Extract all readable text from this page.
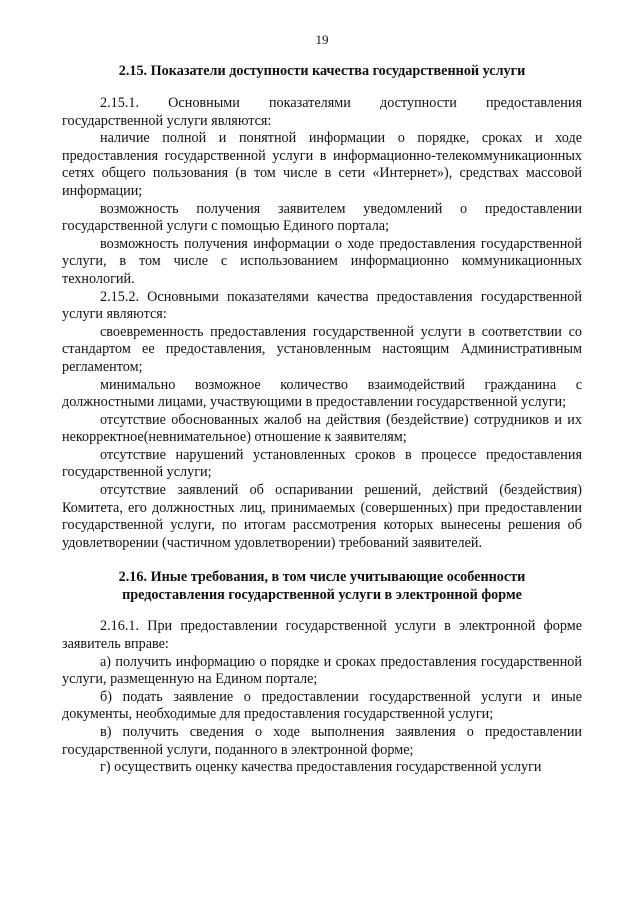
19
2.15. Показатели доступности качества государственной услуги

2.15.1. Основными показателями доступности предоставления государственной услуги являются:

наличие полной и понятной информации о порядке, сроках и ходе предоставления государственной услуги в информационно-телекоммуникационных сетях общего пользования (в том числе в сети «Интернет»), средствах массовой информации;

возможность получения заявителем уведомлений о предоставлении государственной услуги с помощью Единого портала;

возможность получения информации о ходе предоставления государственной услуги, в том числе с использованием информационно коммуникационных технологий.

2.15.2. Основными показателями качества предоставления государственной услуги являются:

своевременность предоставления государственной услуги в соответствии со стандартом ее предоставления, установленным настоящим Административным регламентом;

минимально возможное количество взаимодействий гражданина с должностными лицами, участвующими в предоставлении государственной услуги;

отсутствие обоснованных жалоб на действия (бездействие) сотрудников и их некорректное(невнимательное) отношение к заявителям;

отсутствие нарушений установленных сроков в процессе предоставления государственной услуги;

отсутствие заявлений об оспаривании решений, действий (бездействия) Комитета, его должностных лиц, принимаемых (совершенных) при предоставлении государственной услуги, по итогам рассмотрения которых вынесены решения об удовлетворении (частичном удовлетворении) требований заявителей.

2.16. Иные требования, в том числе учитывающие особенности
предоставления государственной услуги в электронной форме

2.16.1. При предоставлении государственной услуги в электронной форме заявитель вправе:

а) получить информацию о порядке и сроках предоставления государственной услуги, размещенную на Едином портале;

б) подать заявление о предоставлении государственной услуги и иные документы, необходимые для предоставления государственной услуги;

в) получить сведения о ходе выполнения заявления о предоставлении государственной услуги, поданного в электронной форме;

г) осуществить оценку качества предоставления государственной услуги
